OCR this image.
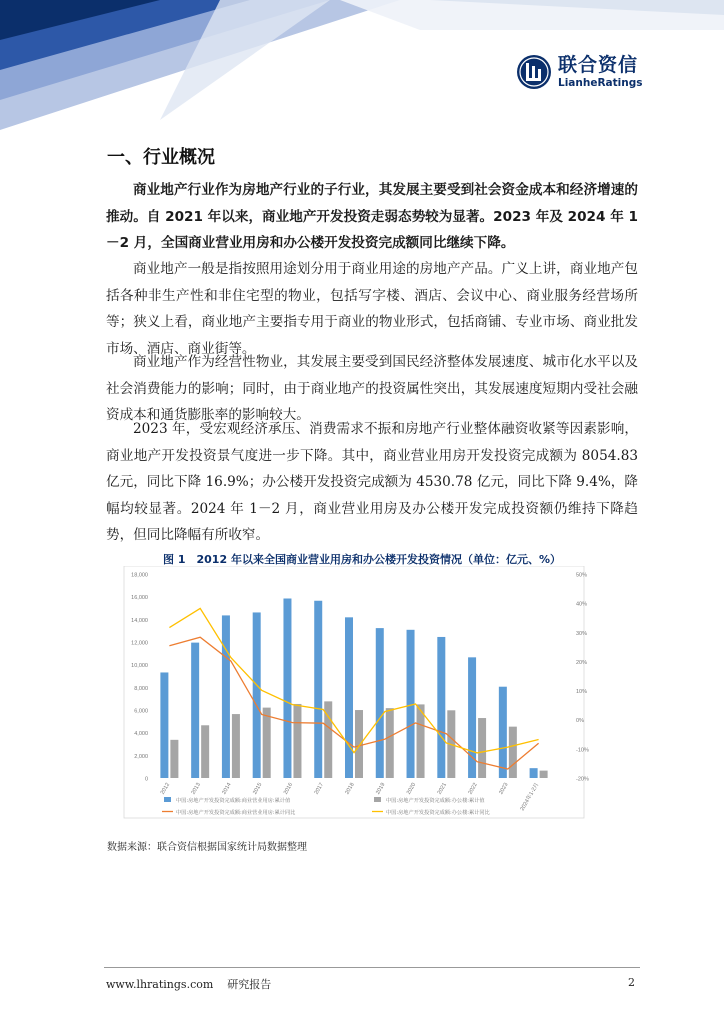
联合资信
LianheRatings
一、行业概况

商业地产行业作为房地产行业的子行业，其发展主要受到社会资金成本和经济增速的推动。自 2021 年以来，商业地产开发投资走弱态势较为显著。2023 年及 2024 年 1－2 月，全国商业营业用房和办公楼开发投资完成额同比继续下降。

商业地产一般是指按照用途划分用于商业用途的房地产产品。广义上讲，商业地产包括各种非生产性和非住宅型的物业，包括写字楼、酒店、会议中心、商业服务经营场所等；狭义上看，商业地产主要指专用于商业的物业形式，包括商铺、专业市场、商业批发市场、酒店、商业街等。

商业地产作为经营性物业，其发展主要受到国民经济整体发展速度、城市化水平以及社会消费能力的影响；同时，由于商业地产的投资属性突出，其发展速度短期内受社会融资成本和通货膨胀率的影响较大。

2023 年，受宏观经济承压、消费需求不振和房地产行业整体融资收紧等因素影响，商业地产开发投资景气度进一步下降。其中，商业营业用房开发投资完成额为 8054.83 亿元，同比下降 16.9%；办公楼开发投资完成额为 4530.78 亿元，同比下降 9.4%，降幅均较显著。2024 年 1－2 月，商业营业用房及办公楼开发完成投资额仍维持下降趋势，但同比降幅有所收窄。

图 1　2012 年以来全国商业营业用房和办公楼开发投资情况（单位：亿元、%）
0
2,000
4,000
6,000
8,000
10,000
12,000
14,000
16,000
18,000
-20%
-10%
0%
10%
20%
30%
40%
50%
2012	2013	2014	2015	2016	2017	2018	2019	2020	2021	2022	2023	2024年1-2月
中国:房地产开发投资完成额:商业营业用房:累计值	中国:房地产开发投资完成额:办公楼:累计值
中国:房地产开发投资完成额:商业营业用房:累计同比	中国:房地产开发投资完成额:办公楼:累计同比
数据来源：联合资信根据国家统计局数据整理
www.lhratings.com 研究报告	2
